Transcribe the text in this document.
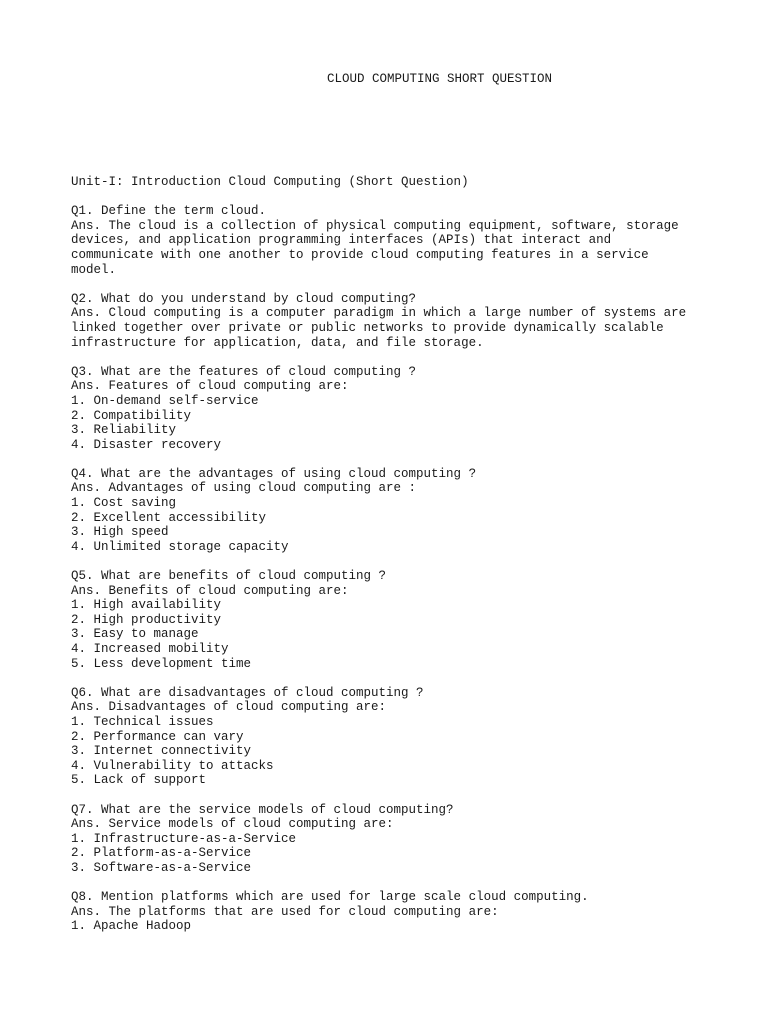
CLOUD COMPUTING SHORT QUESTION
Unit-I: Introduction Cloud Computing (Short Question)
Q1. Define the term cloud.
Ans. The cloud is a collection of physical computing equipment, software, storage
devices, and application programming interfaces (APIs) that interact and
communicate with one another to provide cloud computing features in a service
model.
Q2. What do you understand by cloud computing?
Ans. Cloud computing is a computer paradigm in which a large number of systems are
linked together over private or public networks to provide dynamically scalable
infrastructure for application, data, and file storage.
Q3. What are the features of cloud computing ?
Ans. Features of cloud computing are:
1. On-demand self-service
2. Compatibility
3. Reliability
4. Disaster recovery
Q4. What are the advantages of using cloud computing ?
Ans. Advantages of using cloud computing are :
1. Cost saving
2. Excellent accessibility
3. High speed
4. Unlimited storage capacity
Q5. What are benefits of cloud computing ?
Ans. Benefits of cloud computing are:
1. High availability
2. High productivity
3. Easy to manage
4. Increased mobility
5. Less development time
Q6. What are disadvantages of cloud computing ?
Ans. Disadvantages of cloud computing are:
1. Technical issues
2. Performance can vary
3. Internet connectivity
4. Vulnerability to attacks
5. Lack of support
Q7. What are the service models of cloud computing?
Ans. Service models of cloud computing are:
1. Infrastructure-as-a-Service
2. Platform-as-a-Service
3. Software-as-a-Service
Q8. Mention platforms which are used for large scale cloud computing.
Ans. The platforms that are used for cloud computing are:
1. Apache Hadoop
